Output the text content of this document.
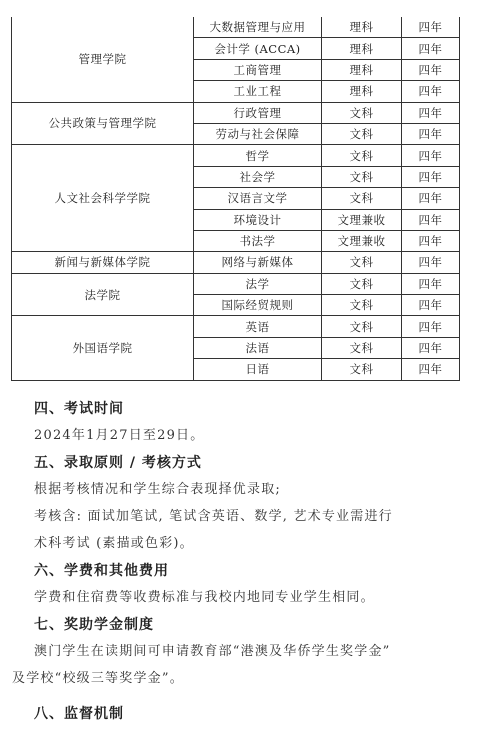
管理学院	大数据管理与应用	理科	四年
	会计学 (ACCA)	理科	四年
	工商管理	理科	四年
	工业工程	理科	四年
公共政策与管理学院	行政管理	文科	四年
	劳动与社会保障	文科	四年
人文社会科学学院	哲学	文科	四年
	社会学	文科	四年
	汉语言文学	文科	四年
	环境设计	文理兼收	四年
	书法学	文理兼收	四年
新闻与新媒体学院	网络与新媒体	文科	四年
法学院	法学	文科	四年
	国际经贸规则	文科	四年
外国语学院	英语	文科	四年
	法语	文科	四年
	日语	文科	四年
四、考试时间
2024年1月27日至29日。
五、录取原则 / 考核方式
根据考核情况和学生综合表现择优录取;
考核含: 面试加笔试, 笔试含英语、数学, 艺术专业需进行
术科考试 (素描或色彩)。
六、学费和其他费用
学费和住宿费等收费标准与我校内地同专业学生相同。
七、奖助学金制度
澳门学生在读期间可申请教育部“港澳及华侨学生奖学金”
及学校“校级三等奖学金”。
八、监督机制
